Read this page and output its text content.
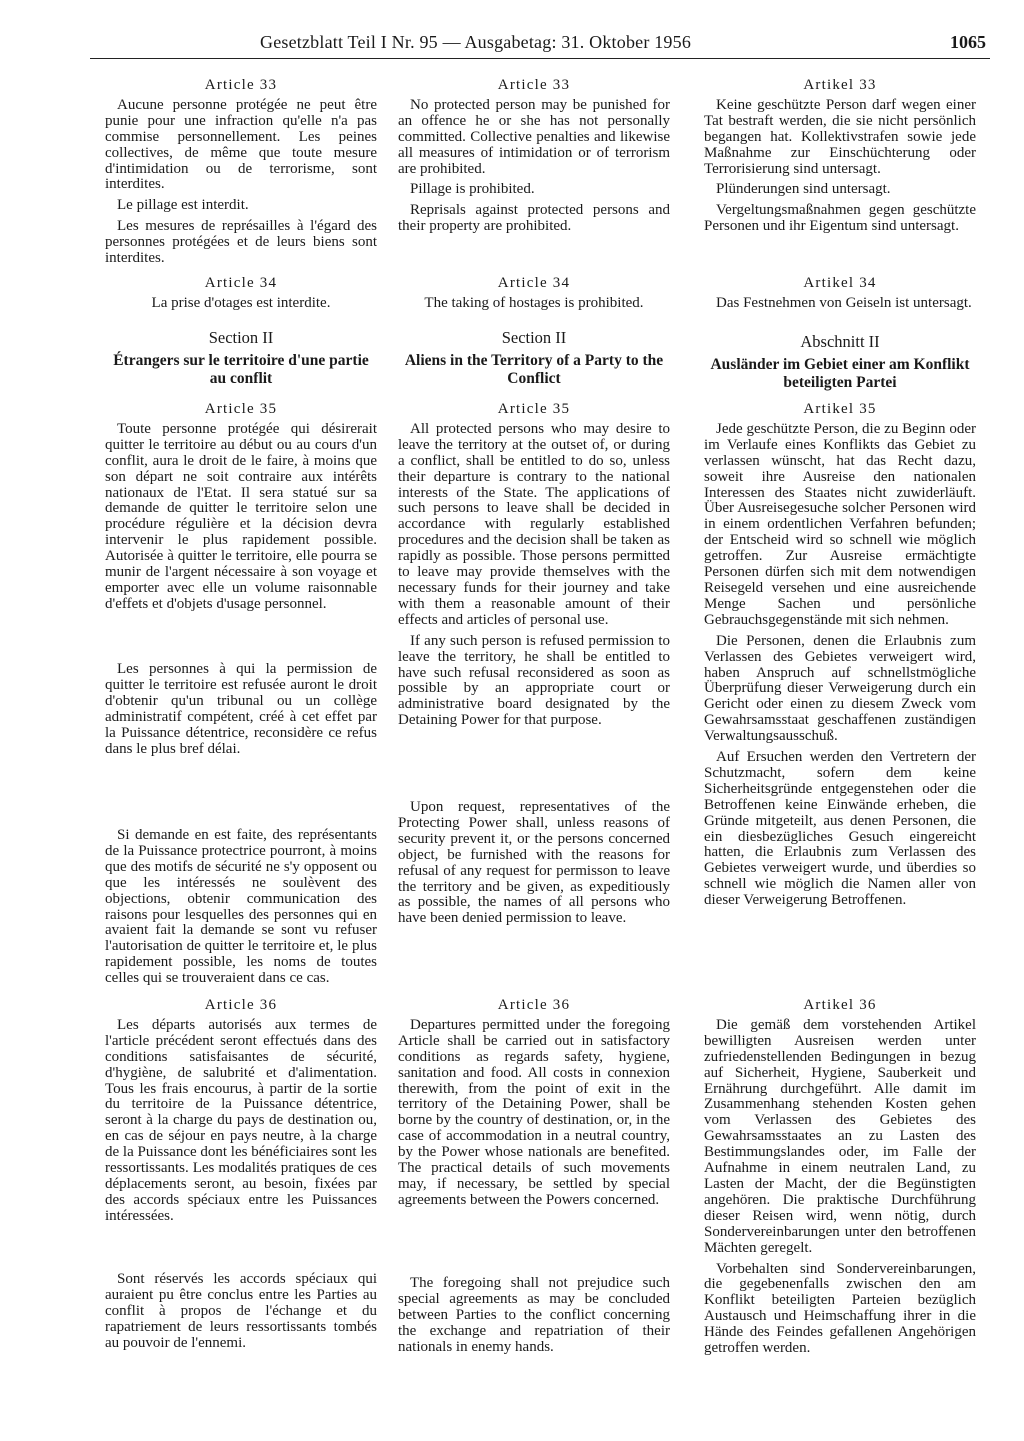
Gesetzblatt Teil I Nr. 95 — Ausgabetag: 31. Oktober 1956	1065
Article 33

Aucune personne protégée ne peut être punie pour une infraction qu'elle n'a pas commise personnellement. Les peines collectives, de même que toute mesure d'intimidation ou de terrorisme, sont interdites.

Le pillage est interdit.

Les mesures de représailles à l'égard des personnes protégées et de leurs biens sont interdites.

Article 34

La prise d'otages est interdite.

Section II
Étrangers sur le territoire d'une partie au conflit
Article 35

Toute personne protégée qui désirerait quitter le territoire au début ou au cours d'un conflit, aura le droit de le faire, à moins que son départ ne soit contraire aux intérêts nationaux de l'Etat. Il sera statué sur sa demande de quitter le territoire selon une procédure régulière et la décision devra intervenir le plus rapidement possible. Autorisée à quitter le territoire, elle pourra se munir de l'argent nécessaire à son voyage et emporter avec elle un volume raisonnable d'effets et d'objets d'usage personnel.

Les personnes à qui la permission de quitter le territoire est refusée auront le droit d'obtenir qu'un tribunal ou un collège administratif compétent, créé à cet effet par la Puissance détentrice, reconsidère ce refus dans le plus bref délai.

Si demande en est faite, des représentants de la Puissance protectrice pourront, à moins que des motifs de sécurité ne s'y opposent ou que les intéressés ne soulèvent des objections, obtenir communication des raisons pour lesquelles des personnes qui en avaient fait la demande se sont vu refuser l'autorisation de quitter le territoire et, le plus rapidement possible, les noms de toutes celles qui se trouveraient dans ce cas.

Article 36

Les départs autorisés aux termes de l'article précédent seront effectués dans des conditions satisfaisantes de sécurité, d'hygiène, de salubrité et d'alimentation. Tous les frais encourus, à partir de la sortie du territoire de la Puissance détentrice, seront à la charge du pays de destination ou, en cas de séjour en pays neutre, à la charge de la Puissance dont les bénéficiaires sont les ressortissants. Les modalités pratiques de ces déplacements seront, au besoin, fixées par des accords spéciaux entre les Puissances intéressées.

Sont réservés les accords spéciaux qui auraient pu être conclus entre les Parties au conflit à propos de l'échange et du rapatriement de leurs ressortissants tombés au pouvoir de l'ennemi.

Article 33

No protected person may be punished for an offence he or she has not personally committed. Collective penalties and likewise all measures of intimidation or of terrorism are prohibited.

Pillage is prohibited.

Reprisals against protected persons and their property are prohibited.

Article 34

The taking of hostages is prohibited.

Section II
Aliens in the Territory of a Party to the Conflict
Article 35

All protected persons who may desire to leave the territory at the outset of, or during a conflict, shall be entitled to do so, unless their departure is contrary to the national interests of the State. The applications of such persons to leave shall be decided in accordance with regularly established procedures and the decision shall be taken as rapidly as possible. Those persons permitted to leave may provide themselves with the necessary funds for their journey and take with them a reasonable amount of their effects and articles of personal use.

If any such person is refused permission to leave the territory, he shall be entitled to have such refusal reconsidered as soon as possible by an appropriate court or administrative board designated by the Detaining Power for that purpose.

Upon request, representatives of the Protecting Power shall, unless reasons of security prevent it, or the persons concerned object, be furnished with the reasons for refusal of any request for permisson to leave the territory and be given, as expeditiously as possible, the names of all persons who have been denied permission to leave.

Article 36

Departures permitted under the foregoing Article shall be carried out in satisfactory conditions as regards safety, hygiene, sanitation and food. All costs in connexion therewith, from the point of exit in the territory of the Detaining Power, shall be borne by the country of destination, or, in the case of accommodation in a neutral country, by the Power whose nationals are benefited. The practical details of such movements may, if necessary, be settled by special agreements between the Powers concerned.

The foregoing shall not prejudice such special agreements as may be concluded between Parties to the conflict concerning the exchange and repatriation of their nationals in enemy hands.

Artikel 33

Keine geschützte Person darf wegen einer Tat bestraft werden, die sie nicht persönlich begangen hat. Kollektivstrafen sowie jede Maßnahme zur Einschüchterung oder Terrorisierung sind untersagt.

Plünderungen sind untersagt.

Vergeltungsmaßnahmen gegen geschützte Personen und ihr Eigentum sind untersagt.

Artikel 34

Das Festnehmen von Geiseln ist untersagt.

Abschnitt II
Ausländer im Gebiet einer am Konflikt beteiligten Partei
Artikel 35

Jede geschützte Person, die zu Beginn oder im Verlaufe eines Konflikts das Gebiet zu verlassen wünscht, hat das Recht dazu, soweit ihre Ausreise den nationalen Interessen des Staates nicht zuwiderläuft. Über Ausreisegesuche solcher Personen wird in einem ordentlichen Verfahren befunden; der Entscheid wird so schnell wie möglich getroffen. Zur Ausreise ermächtigte Personen dürfen sich mit dem notwendigen Reisegeld versehen und eine ausreichende Menge Sachen und persönliche Gebrauchsgegenstände mit sich nehmen.

Die Personen, denen die Erlaubnis zum Verlassen des Gebietes verweigert wird, haben Anspruch auf schnellstmögliche Überprüfung dieser Verweigerung durch ein Gericht oder einen zu diesem Zweck vom Gewahrsamsstaat geschaffenen zuständigen Verwaltungsausschuß.

Auf Ersuchen werden den Vertretern der Schutzmacht, sofern dem keine Sicherheitsgründe entgegenstehen oder die Betroffenen keine Einwände erheben, die Gründe mitgeteilt, aus denen Personen, die ein diesbezügliches Gesuch eingereicht hatten, die Erlaubnis zum Verlassen des Gebietes verweigert wurde, und überdies so schnell wie möglich die Namen aller von dieser Verweigerung Betroffenen.

Artikel 36

Die gemäß dem vorstehenden Artikel bewilligten Ausreisen werden unter zufriedenstellenden Bedingungen in bezug auf Sicherheit, Hygiene, Sauberkeit und Ernährung durchgeführt. Alle damit im Zusammenhang stehenden Kosten gehen vom Verlassen des Gebietes des Gewahrsamsstaates an zu Lasten des Bestimmungslandes oder, im Falle der Aufnahme in einem neutralen Land, zu Lasten der Macht, der die Begünstigten angehören. Die praktische Durchführung dieser Reisen wird, wenn nötig, durch Sondervereinbarungen unter den betroffenen Mächten geregelt.

Vorbehalten sind Sondervereinbarungen, die gegebenenfalls zwischen den am Konflikt beteiligten Parteien bezüglich Austausch und Heimschaffung ihrer in die Hände des Feindes gefallenen Angehörigen getroffen werden.
